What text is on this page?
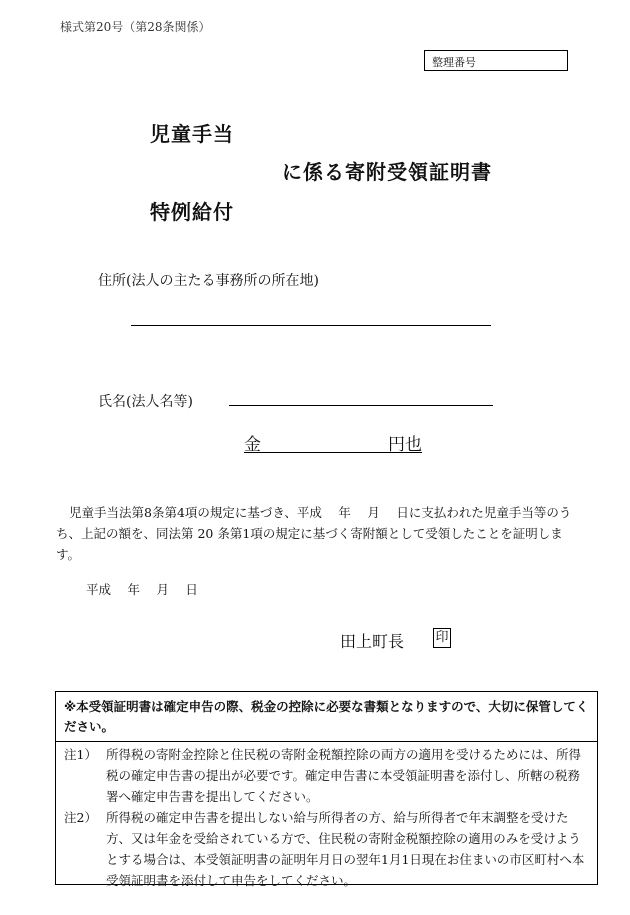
様式第20号（第28条関係）
整理番号
児童手当
に係る寄附受領証明書
特例給付
住所(法人の主たる事務所の所在地)
氏名(法人名等)
金	円也
児童手当法第8条第4項の規定に基づき、平成　 年　 月　 日に支払われた児童手当等のうち、上記の額を、同法第 20 条第1項の規定に基づく寄附額として受領したことを証明します。
平成　 年　 月　 日
田上町長 印
※本受領証明書は確定申告の際、税金の控除に必要な書類となりますので、大切に保管してください。
注1） 所得税の寄附金控除と住民税の寄附金税額控除の両方の適用を受けるためには、所得税の確定申告書の提出が必要です。確定申告書に本受領証明書を添付し、所轄の税務署へ確定申告書を提出してください。
注2） 所得税の確定申告書を提出しない給与所得者の方、給与所得者で年末調整を受けた方、又は年金を受給されている方で、住民税の寄附金税額控除の適用のみを受けようとする場合は、本受領証明書の証明年月日の翌年1月1日現在お住まいの市区町村へ本受領証明書を添付して申告をしてください。
